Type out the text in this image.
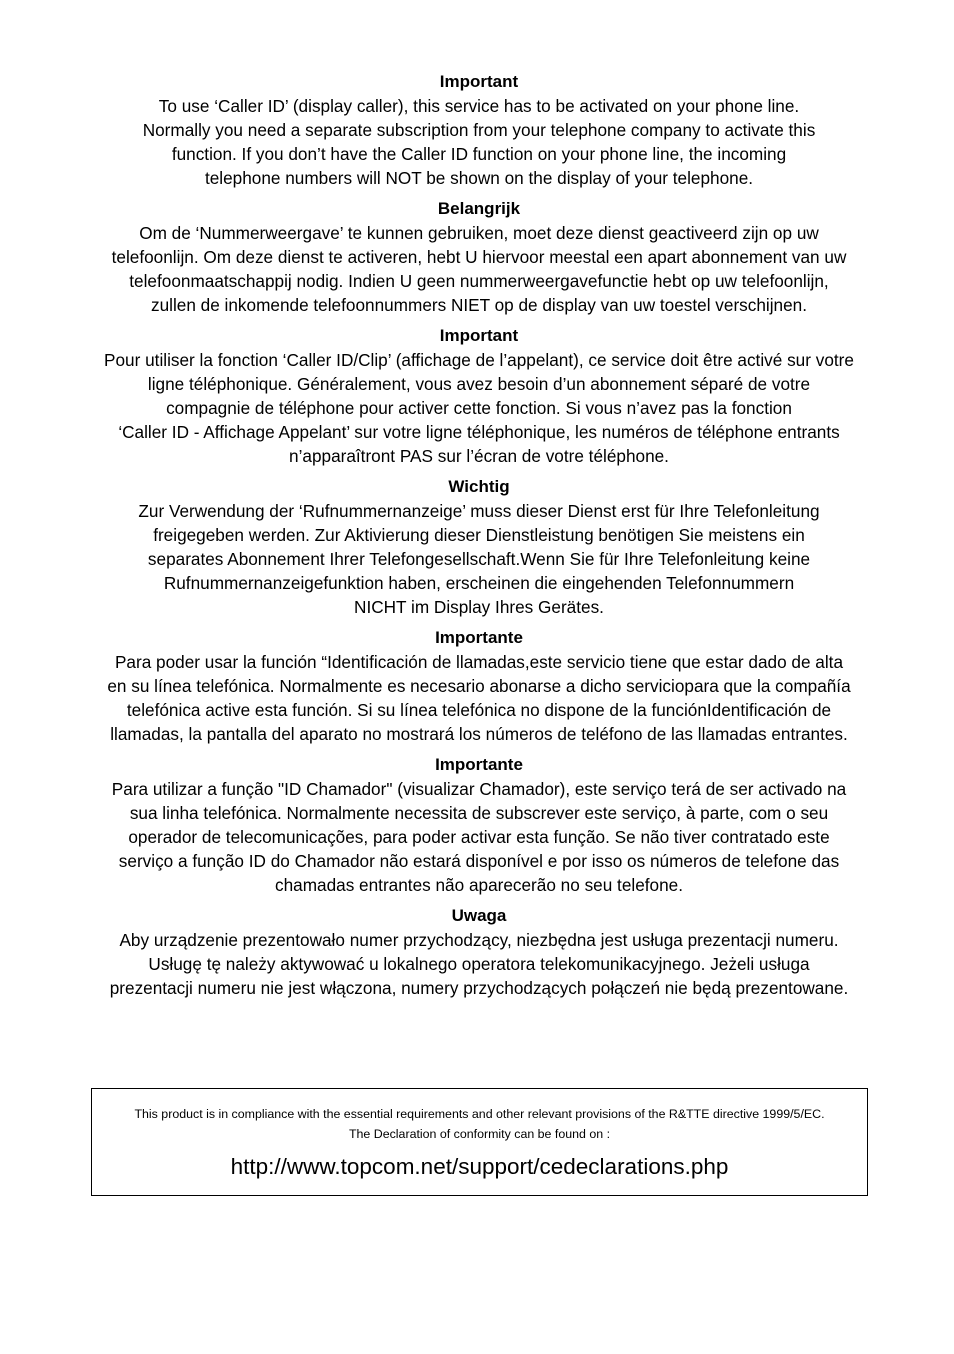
Important
To use ‘Caller ID’ (display caller), this service has to be activated on your phone line.
Normally you need a separate subscription from your telephone company to activate this
function. If you don’t have the Caller ID function on your phone line, the incoming
telephone numbers will NOT be shown on the display of your telephone.
Belangrijk
Om de ‘Nummerweergave’ te kunnen gebruiken, moet deze dienst geactiveerd zijn op uw
telefoonlijn. Om deze dienst te activeren, hebt U hiervoor meestal een apart abonnement van uw
telefoonmaatschappij nodig. Indien U geen nummerweergavefunctie hebt op uw telefoonlijn,
zullen de inkomende telefoonnummers NIET op de display van uw toestel verschijnen.
Important
Pour utiliser la fonction ‘Caller ID/Clip’ (affichage de l’appelant), ce service doit être activé sur votre
ligne téléphonique. Généralement, vous avez besoin d’un abonnement séparé de votre
compagnie de téléphone pour activer cette fonction. Si vous n’avez pas la fonction
‘Caller ID - Affichage Appelant’ sur votre ligne téléphonique, les numéros de téléphone entrants
n’apparaîtront PAS sur l’écran de votre téléphone.
Wichtig
Zur Verwendung der ‘Rufnummernanzeige’ muss dieser Dienst erst für Ihre Telefonleitung
freigegeben werden. Zur Aktivierung dieser Dienstleistung benötigen Sie meistens ein
separates Abonnement Ihrer Telefongesellschaft.Wenn Sie für Ihre Telefonleitung keine
Rufnummernanzeigefunktion haben, erscheinen die eingehenden Telefonnummern
NICHT im Display Ihres Gerätes.
Importante
Para poder usar la función “Identificación de llamadas,este servicio tiene que estar dado de alta
en su línea telefónica. Normalmente es necesario abonarse a dicho serviciopara que la compañía
telefónica active esta función. Si su línea telefónica no dispone de la funciónIdentificación de
llamadas, la pantalla del aparato no mostrará los números de teléfono de las llamadas entrantes.
Importante
Para utilizar a função "ID Chamador" (visualizar Chamador), este serviço terá de ser activado na
sua linha telefónica. Normalmente necessita de subscrever este serviço, à parte, com o seu
operador de telecomunicações, para poder activar esta função. Se não tiver contratado este
serviço a função ID do Chamador não estará disponível e por isso os números de telefone das
chamadas entrantes não aparecerão no seu telefone.
Uwaga
Aby urządzenie prezentowało numer przychodzący, niezbędna jest usługa prezentacji numeru.
Usługę tę należy aktywować u lokalnego operatora telekomunikacyjnego. Jeżeli usługa
prezentacji numeru nie jest włączona, numery przychodzących połączeń nie będą prezentowane.
This product is in compliance with the essential requirements and other relevant provisions of the R&TTE directive 1999/5/EC.
The Declaration of conformity can be found on :
http://www.topcom.net/support/cedeclarations.php
